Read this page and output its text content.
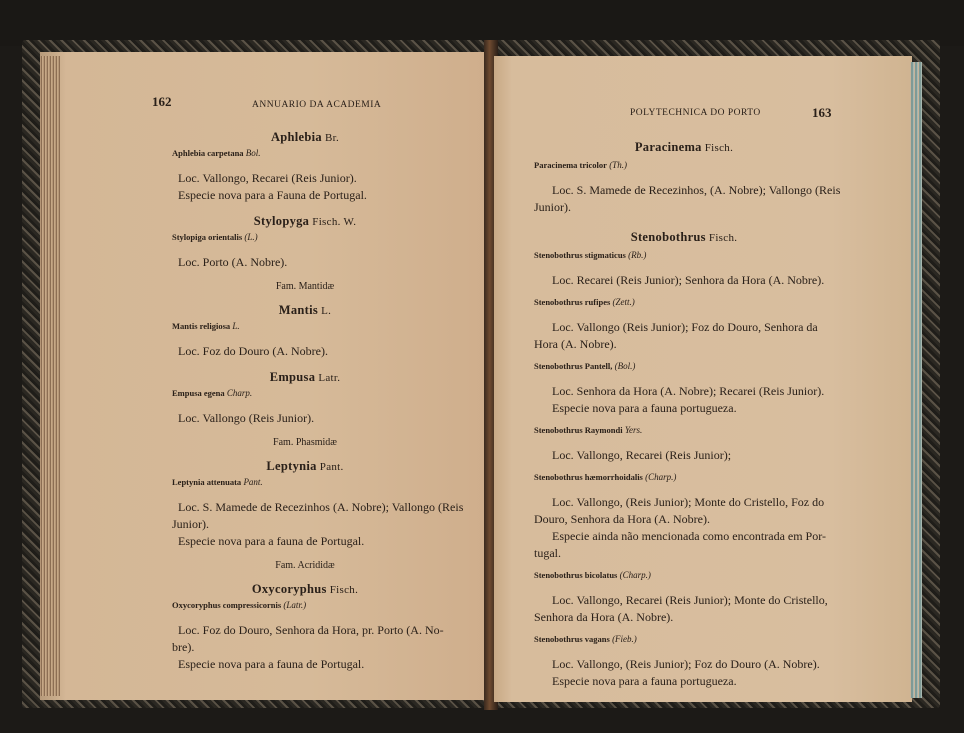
162	ANNUARIO DA ACADEMIA
Aphlebia Br.
Aphlebia carpetana Bol.
Loc. Vallongo, Recarei (Reis Junior).
Especie nova para a Fauna de Portugal.
Stylopyga Fisch. W.
Stylopiga orientalis (L.)
Loc. Porto (A. Nobre).
Fam. Mantidæ
Mantis L.
Mantis religiosa L.
Loc. Foz do Douro (A. Nobre).
Empusa Latr.
Empusa egena Charp.
Loc. Vallongo (Reis Junior).
Fam. Phasmidæ
Leptynia Pant.
Leptynia attenuata Pant.
Loc. S. Mamede de Recezinhos (A. Nobre); Vallongo (Reis
Junior).
Especie nova para a fauna de Portugal.
Fam. Acrididæ
Oxycoryphus Fisch.
Oxycoryphus compressicornis (Latr.)
Loc. Foz do Douro, Senhora da Hora, pr. Porto (A. No-
bre).
Especie nova para a fauna de Portugal.
POLYTECHNICA DO PORTO	163
Paracinema Fisch.
Paracinema tricolor (Th.)
Loc. S. Mamede de Recezinhos, (A. Nobre); Vallongo (Reis
Junior).
Stenobothrus Fisch.
Stenobothrus stigmaticus (Rb.)
Loc. Recarei (Reis Junior); Senhora da Hora (A. Nobre).
Stenobothrus rufipes (Zett.)
Loc. Vallongo (Reis Junior); Foz do Douro, Senhora da
Hora (A. Nobre).
Stenobothrus Pantell, (Bol.)
Loc. Senhora da Hora (A. Nobre); Recarei (Reis Junior).
Especie nova para a fauna portugueza.
Stenobothrus Raymondi Yers.
Loc. Vallongo, Recarei (Reis Junior);
Stenobothrus hæmorrhoidalis (Charp.)
Loc. Vallongo, (Reis Junior); Monte do Cristello, Foz do
Douro, Senhora da Hora (A. Nobre).
Especie ainda não mencionada como encontrada em Por-
tugal.
Stenobothrus bicolatus (Charp.)
Loc. Vallongo, Recarei (Reis Junior); Monte do Cristello,
Senhora da Hora (A. Nobre).
Stenobothrus vagans (Fieb.)
Loc. Vallongo, (Reis Junior); Foz do Douro (A. Nobre).
Especie nova para a fauna portugueza.
